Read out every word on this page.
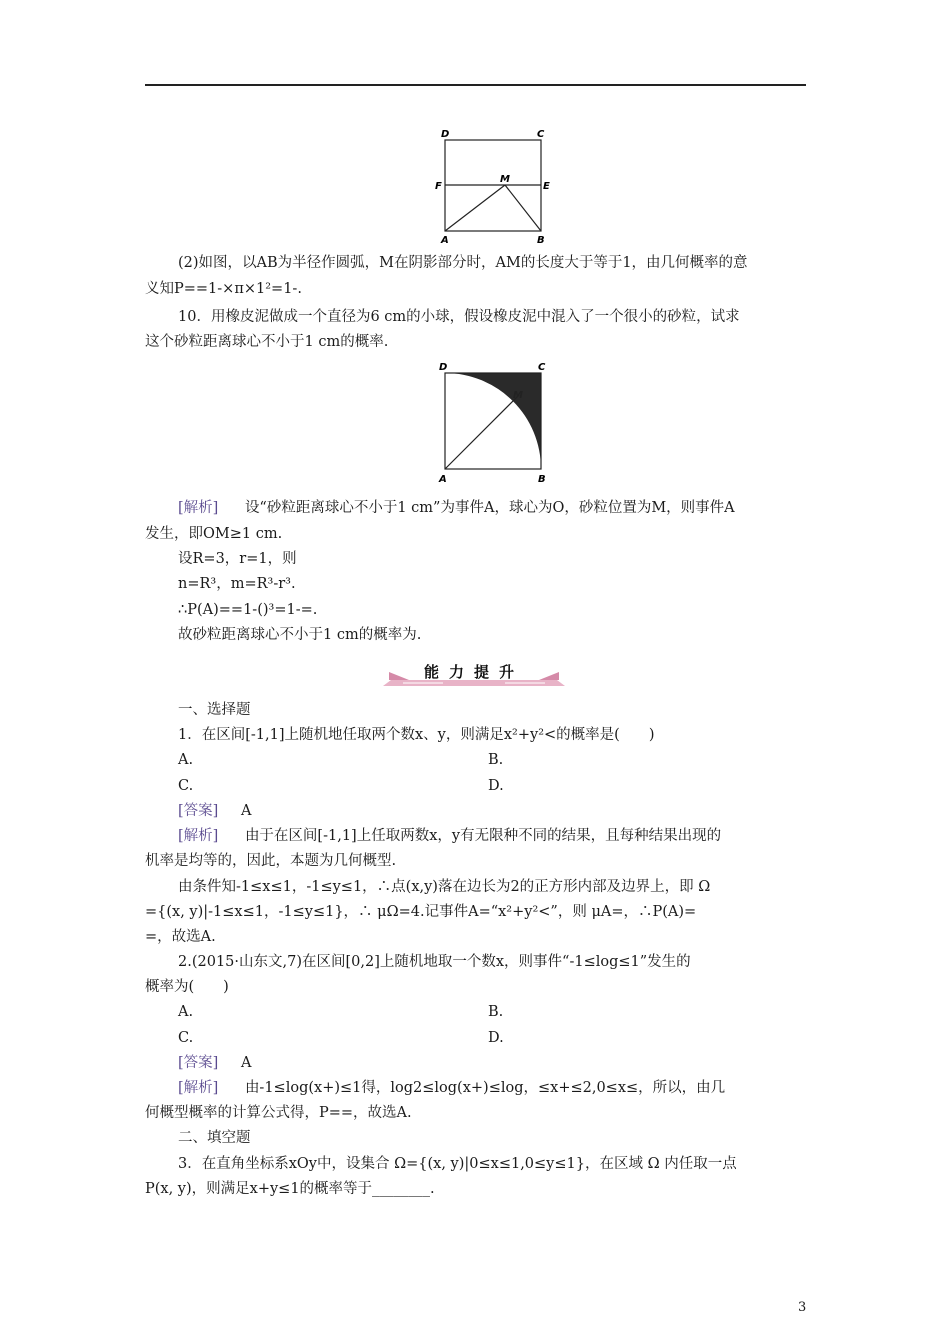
D	C
F
M
E
A	B
(2)如图，以AB为半径作圆弧，M在阴影部分时，AM的长度大于等于1，由几何概率的意
义知P==1-×π×1²=1-.
10．用橡皮泥做成一个直径为6 cm的小球，假设橡皮泥中混入了一个很小的砂粒，试求
这个砂粒距离球心不小于1 cm的概率.
D	C
M
A	B
[解析] 设“砂粒距离球心不小于1 cm”为事件A，球心为O，砂粒位置为M，则事件A
发生，即OM≥1 cm.
设R=3，r=1，则
n=R³，m=R³-r³.
∴P(A)==1-()³=1-=.
故砂粒距离球心不小于1 cm的概率为.
能力提升
一、选择题
1．在区间[-1,1]上随机地任取两个数x、y，则满足x²+y²<的概率是(　　)
A.	B.
C.	D.
[答案] A
[解析] 由于在区间[-1,1]上任取两数x，y有无限种不同的结果，且每种结果出现的
机率是均等的，因此，本题为几何概型.
由条件知-1≤x≤1，-1≤y≤1，∴点(x,y)落在边长为2的正方形内部及边界上，即 Ω
={(x, y)|-1≤x≤1，-1≤y≤1}，∴ μΩ=4.记事件A=“x²+y²<”，则 μA=，∴P(A)=
=，故选A.
2.(2015·山东文,7)在区间[0,2]上随机地取一个数x，则事件“-1≤log≤1”发生的
概率为(　　)
A.	B.
C.	D.
[答案] A
[解析] 由-1≤log(x+)≤1得，log2≤log(x+)≤log，≤x+≤2,0≤x≤，所以，由几
何概型概率的计算公式得，P==，故选A.
二、填空题
3．在直角坐标系xOy中，设集合 Ω={(x, y)|0≤x≤1,0≤y≤1}，在区域 Ω 内任取一点
P(x, y)，则满足x+y≤1的概率等于________.
3
